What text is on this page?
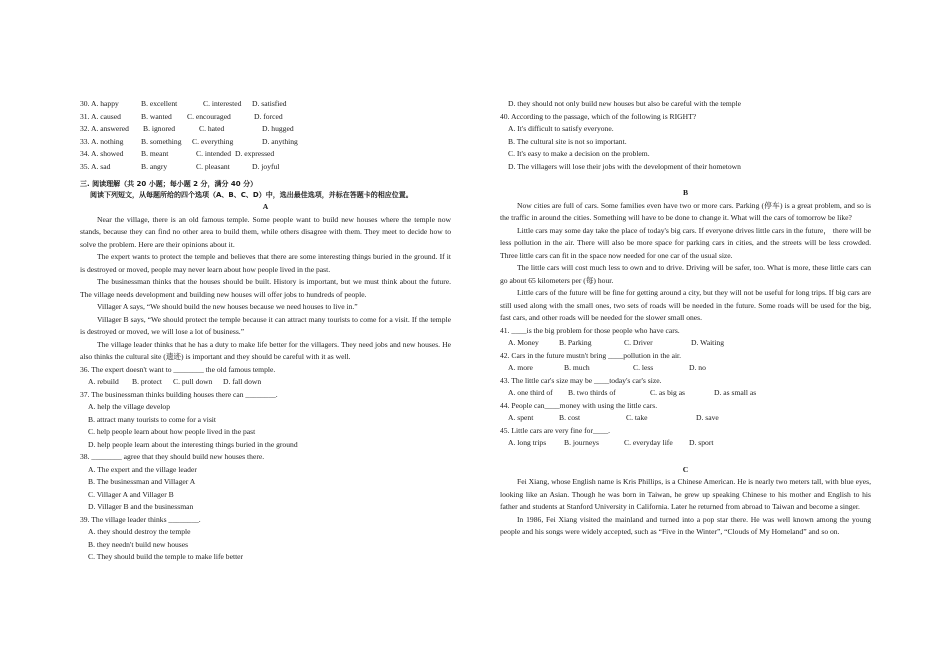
30. A. happy	B. excellent	C. interested	D. satisfied
31. A. caused	B. wanted	C. encouraged	D. forced
32. A. answered	B. ignored	C. hated	D. hugged
33. A. nothing	B. something	C. everything	D. anything
34. A. showed	B. meant	C. intended D. expressed
35. A. sad	B. angry	C. pleasant	D. joyful
三. 阅读理解（共 20 小题；每小题 2 分，满分 40 分）
阅读下列短文，从每题所给的四个选项（A、B、C、D）中，选出最佳选项，并标在答题卡的相应位置。
A

Near the village, there is an old famous temple. Some people want to build new houses where the temple now stands, because they can find no other area to build them, while others disagree with them. They meet to decide how to solve the problem. Here are their opinions about it.

The expert wants to protect the temple and believes that there are some interesting things buried in the ground. If it is destroyed or moved, people may never learn about how people lived in the past.

The businessman thinks that the houses should be built. History is important, but we must think about the future. The village needs development and building new houses will offer jobs to hundreds of people.

Villager A says, “We should build the new houses because we need houses to live in.”

Villager B says, “We should protect the temple because it can attract many tourists to come for a visit. If the temple is destroyed or moved, we will lose a lot of business.”

The village leader thinks that he has a duty to make life better for the villagers. They need jobs and new houses. He also thinks the cultural site (遗迹) is important and they should be careful with it as well.

36. The expert doesn't want to ________ the old famous temple.
A. rebuild	B. protect	C. pull down	D. fall down
37. The businessman thinks building houses there can ________.
A. help the village develop
B. attract many tourists to come for a visit
C. help people learn about how people lived in the past
D. help people learn about the interesting things buried in the ground
38. ________ agree that they should build new houses there.
A. The expert and the village leader
B. The businessman and Villager A
C. Villager A and Villager B
D. Villager B and the businessman
39. The village leader thinks ________.
A. they should destroy the temple
B. they needn't build new houses
C. They should build the temple to make life better
D. they should not only build new houses but also be careful with the temple
40. According to the passage, which of the following is RIGHT?
A. It's difficult to satisfy everyone.
B. The cultural site is not so important.
C. It's easy to make a decision on the problem.
D. The villagers will lose their jobs with the development of their hometown
B

Now cities are full of cars. Some families even have two or more cars. Parking (停车) is a great problem, and so is the traffic in around the cities. Something will have to be done to change it. What will the cars of tomorrow be like?

Little cars may some day take the place of today's big cars. If everyone drives little cars in the future， there will be less pollution in the air. There will also be more space for parking cars in cities, and the streets will be less crowded. Three little cars can fit in the space now needed for one car of the usual size.

The little cars will cost much less to own and to drive. Driving will be safer, too. What is more, these little cars can go about 65 kilometers per (每) hour.

Little cars of the future will be fine for getting around a city, but they will not be useful for long trips. If big cars are still used along with the small ones, two sets of roads will be needed in the future. Some roads will be used for the big, fast cars, and other roads will be needed for the slower small ones.

41. ____is the big problem for those people who have cars.
A. Money	B. Parking	C. Driver	D. Waiting
42. Cars in the future mustn't bring ____pollution in the air.
A. more	B. much	C. less	D. no
43. The little car's size may be ____today's car's size.
A. one third of	B. two thirds of	C. as big as	D. as small as
44. People can____money with using the little cars.
A. spent	B. cost	C. take	D. save
45. Little cars are very fine for____.
A. long trips	B. journeys	C. everyday life	D. sport
C

Fei Xiang, whose English name is Kris Phillips, is a Chinese American. He is nearly two meters tall, with blue eyes, looking like an Asian. Though he was born in Taiwan, he grew up speaking Chinese to his mother and English to his father and students at Stanford University in California. Later he returned from abroad to Taiwan and become a singer.

In 1986, Fei Xiang visited the mainland and turned into a pop star there. He was well known among the young people and his songs were widely accepted, such as “Five in the Winter”, “Clouds of My Homeland” and so on.
